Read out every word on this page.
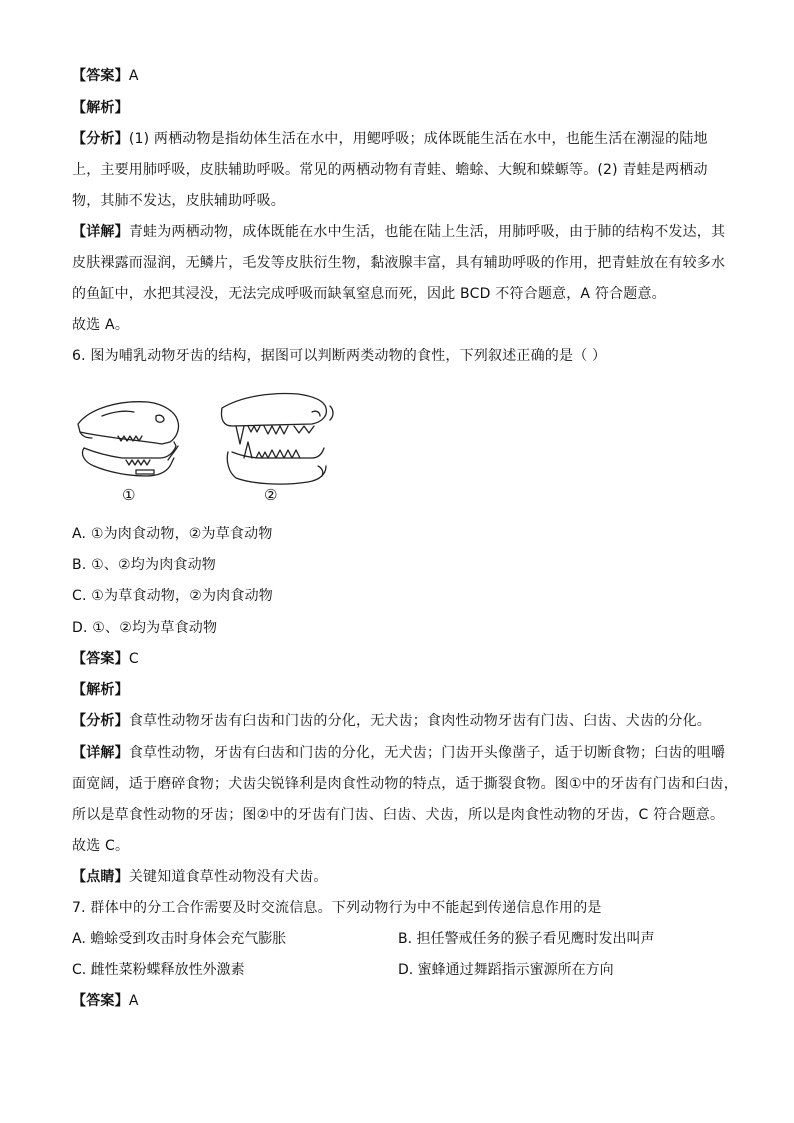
【答案】A
【解析】
【分析】(1) 两栖动物是指幼体生活在水中，用鳃呼吸；成体既能生活在水中，也能生活在潮湿的陆地
上，主要用肺呼吸，皮肤辅助呼吸。常见的两栖动物有青蛙、蟾蜍、大鲵和蝾螈等。(2) 青蛙是两栖动
物，其肺不发达，皮肤辅助呼吸。
【详解】青蛙为两栖动物，成体既能在水中生活，也能在陆上生活，用肺呼吸，由于肺的结构不发达，其
皮肤裸露而湿润，无鳞片，毛发等皮肤衍生物，黏液腺丰富，具有辅助呼吸的作用，把青蛙放在有较多水
的鱼缸中，水把其浸没，无法完成呼吸而缺氧窒息而死，因此 BCD 不符合题意，A 符合题意。
故选 A。
6. 图为哺乳动物牙齿的结构，据图可以判断两类动物的食性，下列叙述正确的是（ ）
①	②
A. ①为肉食动物，②为草食动物
B. ①、②均为肉食动物
C. ①为草食动物，②为肉食动物
D. ①、②均为草食动物
【答案】C
【解析】
【分析】食草性动物牙齿有臼齿和门齿的分化，无犬齿；食肉性动物牙齿有门齿、臼齿、犬齿的分化。
【详解】食草性动物，牙齿有臼齿和门齿的分化，无犬齿；门齿开头像凿子，适于切断食物；臼齿的咀嚼
面宽阔，适于磨碎食物；犬齿尖锐锋利是肉食性动物的特点，适于撕裂食物。图①中的牙齿有门齿和臼齿，
所以是草食性动物的牙齿；图②中的牙齿有门齿、臼齿、犬齿，所以是肉食性动物的牙齿，C 符合题意。
故选 C。
【点睛】关键知道食草性动物没有犬齿。
7. 群体中的分工合作需要及时交流信息。下列动物行为中不能起到传递信息作用的是
A. 蟾蜍受到攻击时身体会充气膨胀	B. 担任警戒任务的猴子看见鹰时发出叫声
C. 雌性菜粉蝶释放性外激素	D. 蜜蜂通过舞蹈指示蜜源所在方向
【答案】A
